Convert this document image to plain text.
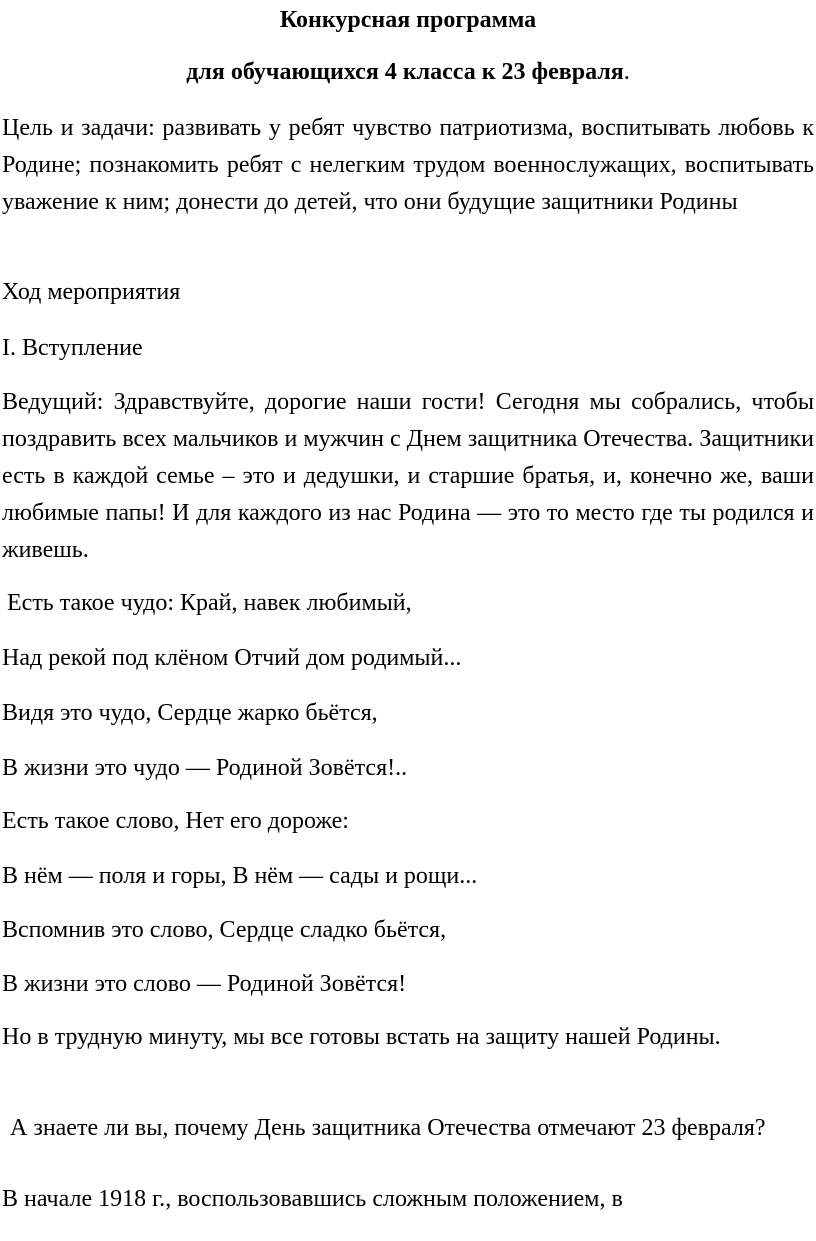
Конкурсная программа

для обучающихся 4 класса к 23 февраля.

Цель и задачи: развивать у ребят чувство патриотизма, воспитывать любовь к Родине; познакомить ребят с нелегким трудом военнослужащих, воспитывать уважение к ним; донести до детей, что они будущие защитники Родины

Ход мероприятия

I. Вступление

Ведущий: Здравствуйте, дорогие наши гости! Сегодня мы собрались, чтобы поздравить всех мальчиков и мужчин с Днем защитника Отечества. Защитники есть в каждой семье – это и дедушки, и старшие братья, и, конечно же, ваши любимые папы! И для каждого из нас Родина — это то место где ты родился и живешь.

Есть такое чудо: Край, навек любимый,

Над рекой под клёном Отчий дом родимый...

Видя это чудо, Сердце жарко бьётся,

В жизни это чудо — Родиной Зовётся!..

Есть такое слово, Нет его дороже:

В нём — поля и горы, В нём — сады и рощи...

Вспомнив это слово, Сердце сладко бьётся,

В жизни это слово — Родиной Зовётся!

Но в трудную минуту, мы все готовы встать на защиту нашей Родины.

А знаете ли вы, почему День защитника Отечества отмечают 23 февраля?

В начале 1918 г., воспользовавшись сложным положением, в
